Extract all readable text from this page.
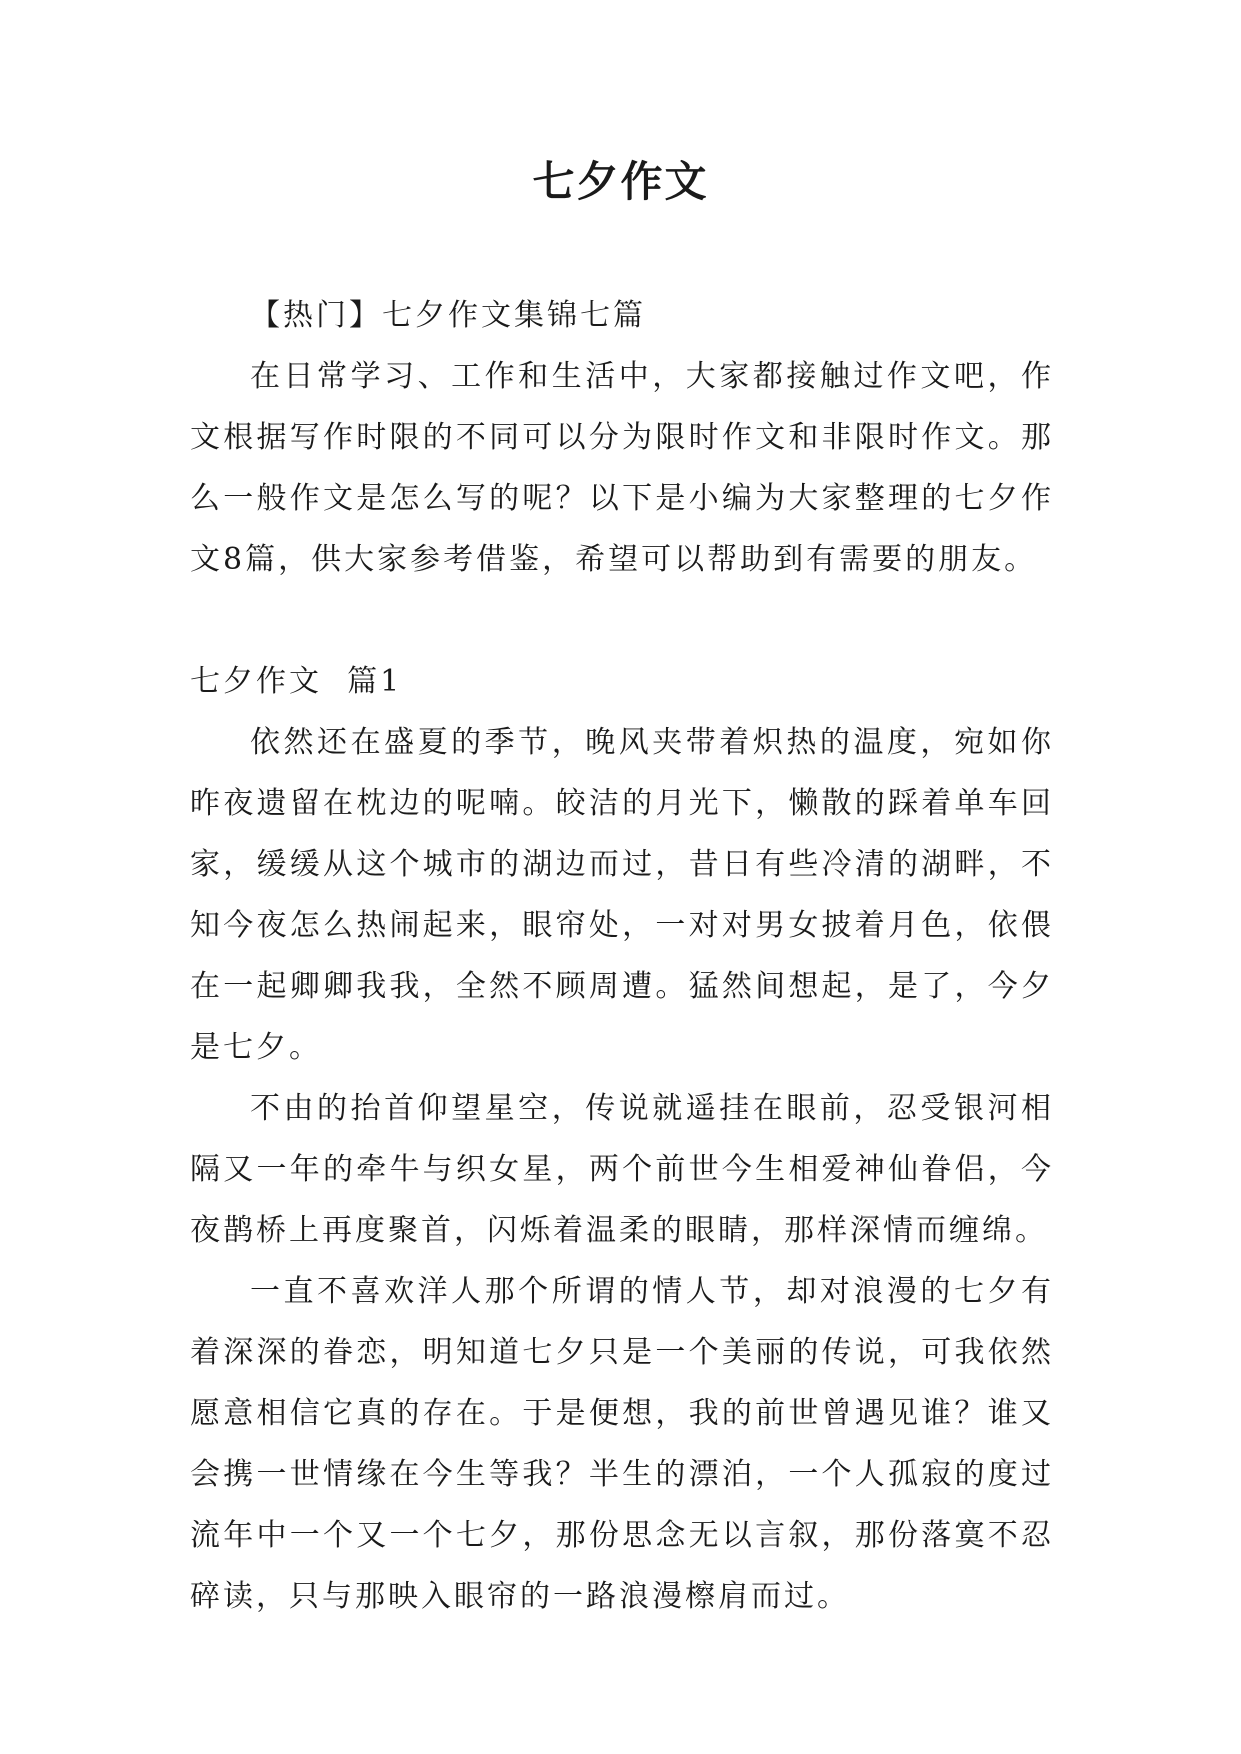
七夕作文

【热门】七夕作文集锦七篇

在日常学习、工作和生活中，大家都接触过作文吧，作文根据写作时限的不同可以分为限时作文和非限时作文。那么一般作文是怎么写的呢？以下是小编为大家整理的七夕作文8篇，供大家参考借鉴，希望可以帮助到有需要的朋友。

七夕作文  篇1

依然还在盛夏的季节，晚风夹带着炽热的温度，宛如你昨夜遗留在枕边的呢喃。皎洁的月光下，懒散的踩着单车回家，缓缓从这个城市的湖边而过，昔日有些冷清的湖畔，不知今夜怎么热闹起来，眼帘处，一对对男女披着月色，依偎在一起卿卿我我，全然不顾周遭。猛然间想起，是了，今夕是七夕。

不由的抬首仰望星空，传说就遥挂在眼前，忍受银河相隔又一年的牵牛与织女星，两个前世今生相爱神仙眷侣，今夜鹊桥上再度聚首，闪烁着温柔的眼睛，那样深情而缠绵。

一直不喜欢洋人那个所谓的情人节，却对浪漫的七夕有着深深的眷恋，明知道七夕只是一个美丽的传说，可我依然愿意相信它真的存在。于是便想，我的前世曾遇见谁？谁又会携一世情缘在今生等我？半生的漂泊，一个人孤寂的度过流年中一个又一个七夕，那份思念无以言叙，那份落寞不忍碎读，只与那映入眼帘的一路浪漫檫肩而过。
